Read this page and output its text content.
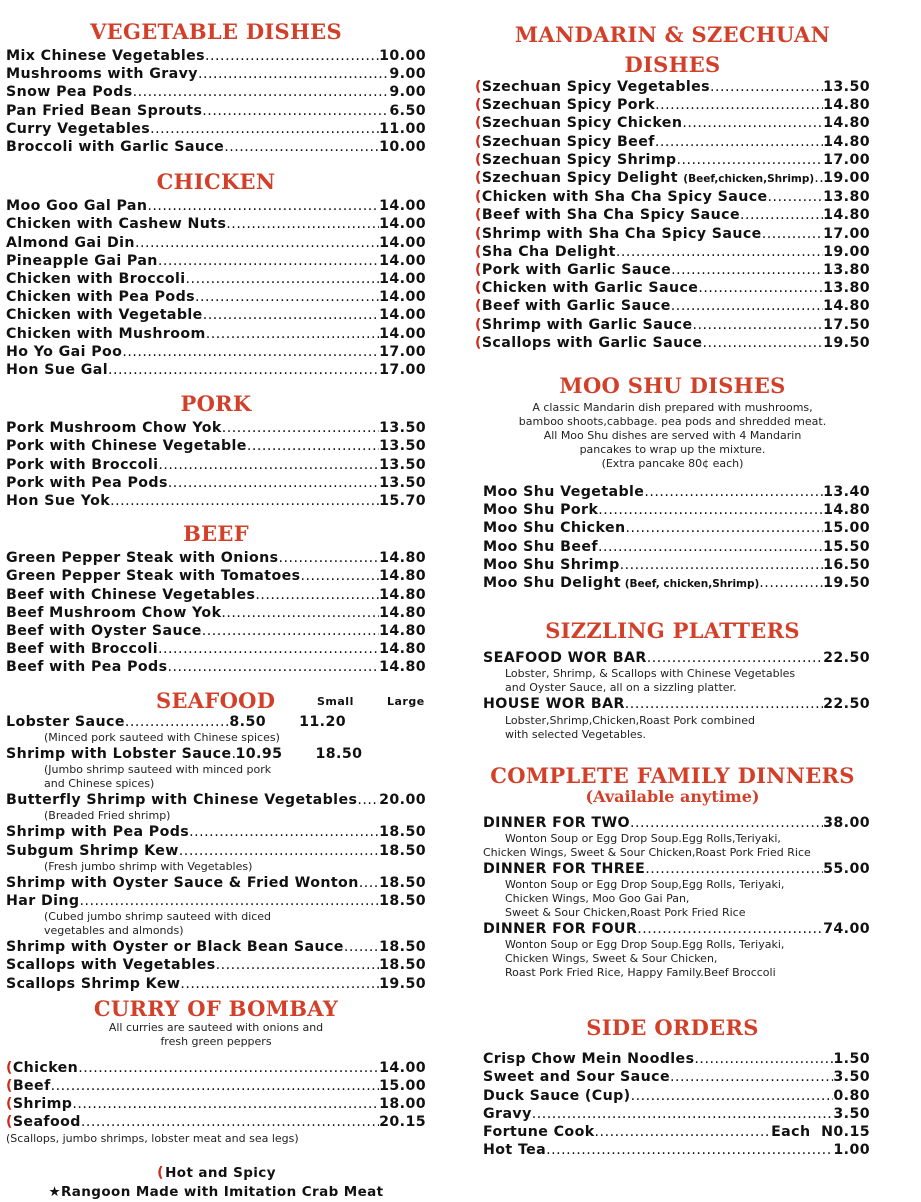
VEGETABLE DISHES
Mix Chinese Vegetables .....	10.00
Mushrooms with Gravy .....	9.00
Snow Pea Pods .....	9.00
Pan Fried Bean Sprouts .....	6.50
Curry Vegetables .....	11.00
Broccoli with Garlic Sauce .....	10.00
CHICKEN
Moo Goo Gal Pan .....	14.00
Chicken with Cashew Nuts .....	14.00
Almond Gai Din .....	14.00
Pineapple Gai Pan .....	14.00
Chicken with Broccoli .....	14.00
Chicken with Pea Pods .....	14.00
Chicken with Vegetable .....	14.00
Chicken with Mushroom .....	14.00
Ho Yo Gai Poo .....	17.00
Hon Sue Gal .....	17.00
PORK
Pork Mushroom Chow Yok .....	13.50
Pork with Chinese Vegetable .....	13.50
Pork with Broccoli .....	13.50
Pork with Pea Pods .....	13.50
Hon Sue Yok .....	15.70
BEEF
Green Pepper Steak with Onions .....	14.80
Green Pepper Steak with Tomatoes .....	14.80
Beef with Chinese Vegetables .....	14.80
Beef Mushroom Chow Yok .....	14.80
Beef with Oyster Sauce .....	14.80
Beef with Broccoli .....	14.80
Beef with Pea Pods .....	14.80
SEAFOOD	Small	Large
Lobster Sauce .....	8.50	11.20
(Minced pork sauteed with Chinese spices)
Shrimp with Lobster Sauce ..... 10.95	18.50
(Jumbo shrimp sauteed with minced pork
and Chinese spices)
Butterfly Shrimp with Chinese Vegetables ..... 20.00
(Breaded Fried shrimp)
Shrimp with Pea Pods .....	18.50
Subgum Shrimp Kew .....	18.50
(Fresh jumbo shrimp with Vegetables)
Shrimp with Oyster Sauce & Fried Wonton ..... 18.50
Har Ding .....	18.50
(Cubed jumbo shrimp sauteed with diced
vegetables and almonds)
Shrimp with Oyster or Black Bean Sauce ..... 18.50
Scallops with Vegetables .....	18.50
Scallops Shrimp Kew .....	19.50
CURRY OF BOMBAY
All curries are sauteed with onions and
fresh green peppers
( Chicken .....	14.00
( Beef .....	15.00
( Shrimp .....	18.00
( Seafood .....	20.15
(Scallops, jumbo shrimps, lobster meat and sea legs)
(Hot and Spicy
★Rangoon Made with Imitation Crab Meat
MANDARIN & SZECHUAN
DISHES
( Szechuan Spicy Vegetables .....	13.50
( Szechuan Spicy Pork .....	14.80
( Szechuan Spicy Chicken .....	14.80
( Szechuan Spicy Beef .....	14.80
( Szechuan Spicy Shrimp .....	17.00
( Szechuan Spicy Delight (Beef,chicken,Shrimp) ..... 19.00
( Chicken with Sha Cha Spicy Sauce .....	13.80
( Beef with Sha Cha Spicy Sauce .....	14.80
( Shrimp with Sha Cha Spicy Sauce .....	17.00
( Sha Cha Delight .....	19.00
( Pork with Garlic Sauce .....	13.80
( Chicken with Garlic Sauce .....	13.80
( Beef with Garlic Sauce .....	14.80
( Shrimp with Garlic Sauce .....	17.50
( Scallops with Garlic Sauce .....	19.50
MOO SHU DISHES
A classic Mandarin dish prepared with mushrooms,
bamboo shoots,cabbage. pea pods and shredded meat.
All Moo Shu dishes are served with 4 Mandarin
pancakes to wrap up the mixture.
(Extra pancake 80¢ each)
Moo Shu Vegetable .....	13.40
Moo Shu Pork .....	14.80
Moo Shu Chicken .....	15.00
Moo Shu Beef .....	15.50
Moo Shu Shrimp .....	16.50
Moo Shu Delight (Beef, chicken,Shrimp) .....	19.50
SIZZLING PLATTERS
SEAFOOD WOR BAR .....	22.50
Lobster, Shrimp, & Scallops with Chinese Vegetables
and Oyster Sauce, all on a sizzling platter.
HOUSE WOR BAR .....	22.50
Lobster,Shrimp,Chicken,Roast Pork combined
with selected Vegetables.
COMPLETE FAMILY DINNERS
(Available anytime)
DINNER FOR TWO .....	38.00
Wonton Soup or Egg Drop Soup.Egg Rolls,Teriyaki,
Chicken Wings, Sweet & Sour Chicken,Roast Pork Fried Rice
DINNER FOR THREE .....	55.00
Wonton Soup or Egg Drop Soup,Egg Rolls, Teriyaki,
Chicken Wings, Moo Goo Gai Pan,
Sweet & Sour Chicken,Roast Pork Fried Rice
DINNER FOR FOUR .....	74.00
Wonton Soup or Egg Drop Soup.Egg Rolls, Teriyaki,
Chicken Wings, Sweet & Sour Chicken,
Roast Pork Fried Rice, Happy Family.Beef Broccoli
SIDE ORDERS
Crisp Chow Mein Noodles .....	1.50
Sweet and Sour Sauce .....	3.50
Duck Sauce (Cup) .....	0.80
Gravy .....	3.50
Fortune Cook .....	Each  N0.15
Hot Tea .....	1.00
